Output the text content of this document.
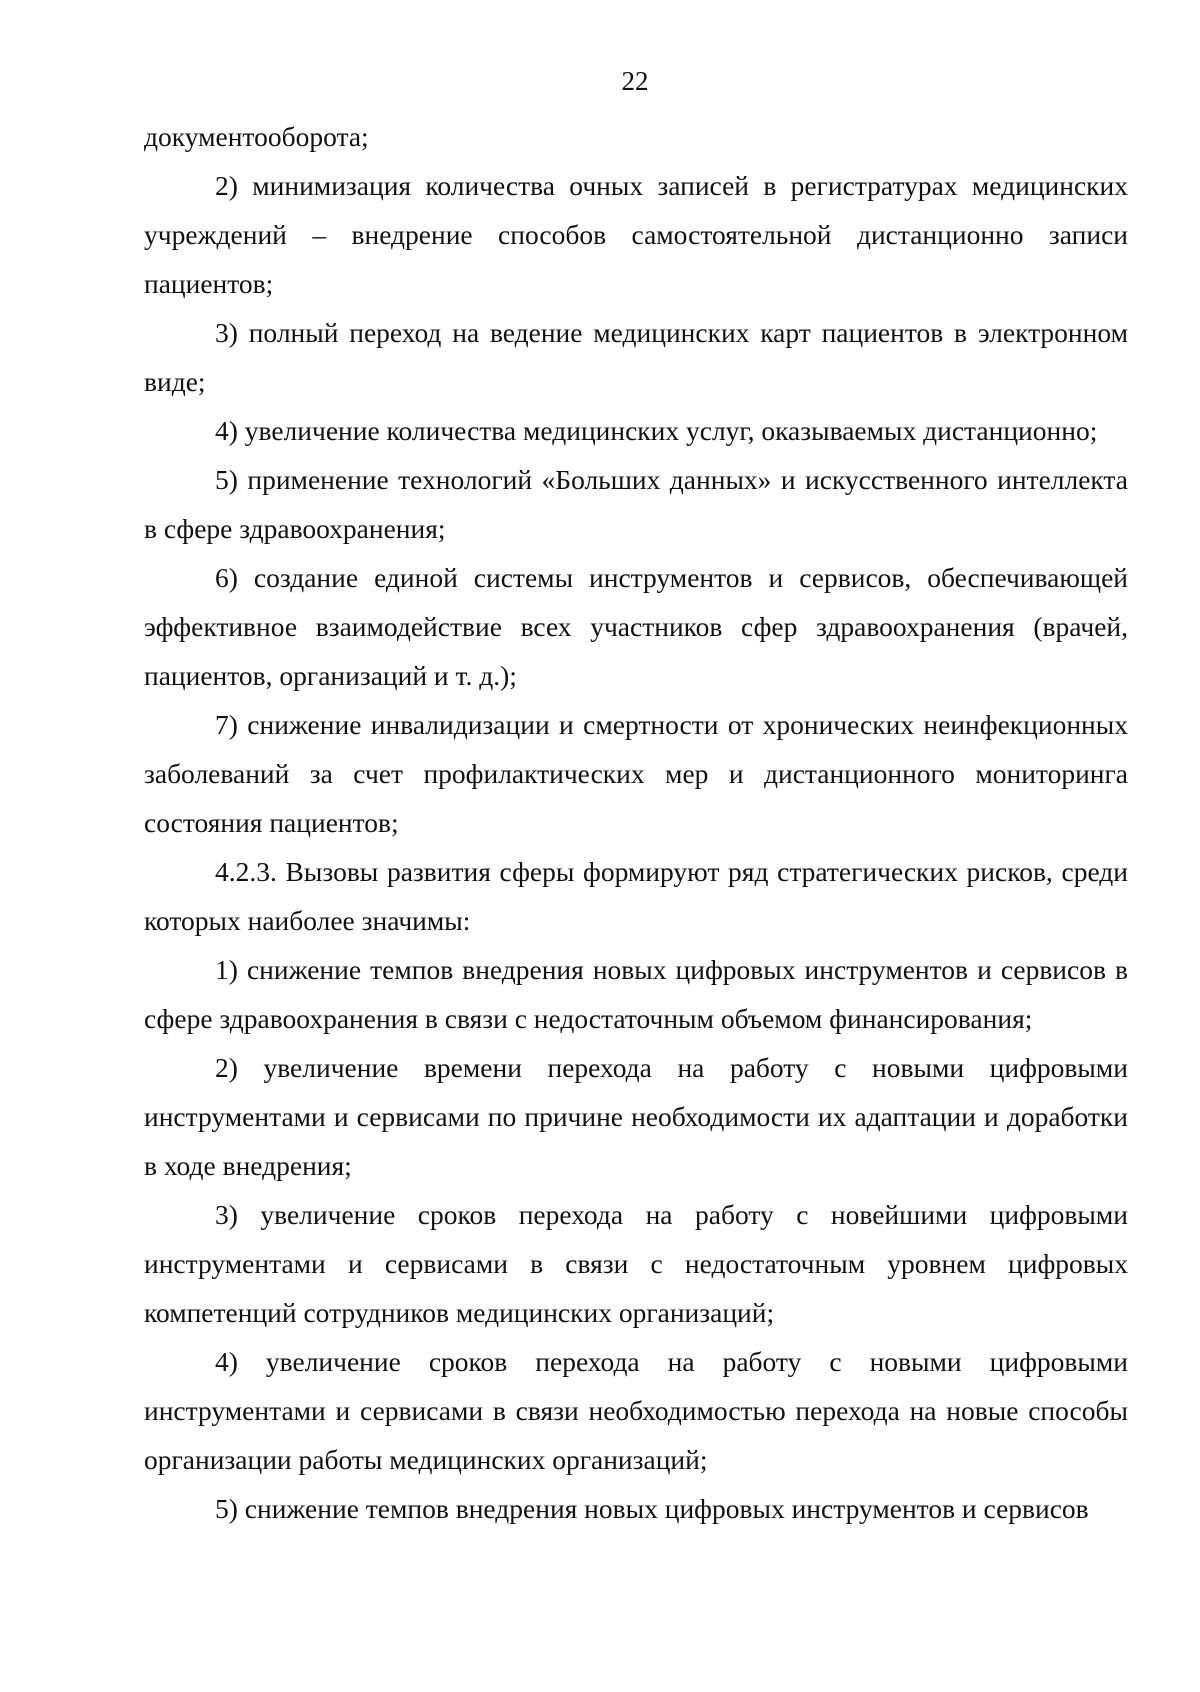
22

документооборота;

2) минимизация количества очных записей в регистратурах медицинских учреждений – внедрение способов самостоятельной дистанционно записи пациентов;

3) полный переход на ведение медицинских карт пациентов в электронном виде;

4) увеличение количества медицинских услуг, оказываемых дистанционно;

5) применение технологий «Больших данных» и искусственного интеллекта в сфере здравоохранения;

6) создание единой системы инструментов и сервисов, обеспечивающей эффективное взаимодействие всех участников сфер здравоохранения (врачей, пациентов, организаций и т. д.);

7) снижение инвалидизации и смертности от хронических неинфекционных заболеваний за счет профилактических мер и дистанционного мониторинга состояния пациентов;

4.2.3. Вызовы развития сферы формируют ряд стратегических рисков, среди которых наиболее значимы:

1) снижение темпов внедрения новых цифровых инструментов и сервисов в сфере здравоохранения в связи с недостаточным объемом финансирования;

2) увеличение времени перехода на работу с новыми цифровыми инструментами и сервисами по причине необходимости их адаптации и доработки в ходе внедрения;

3) увеличение сроков перехода на работу с новейшими цифровыми инструментами и сервисами в связи с недостаточным уровнем цифровых компетенций сотрудников медицинских организаций;

4) увеличение сроков перехода на работу с новыми цифровыми инструментами и сервисами в связи необходимостью перехода на новые способы организации работы медицинских организаций;

5) снижение темпов внедрения новых цифровых инструментов и сервисов
